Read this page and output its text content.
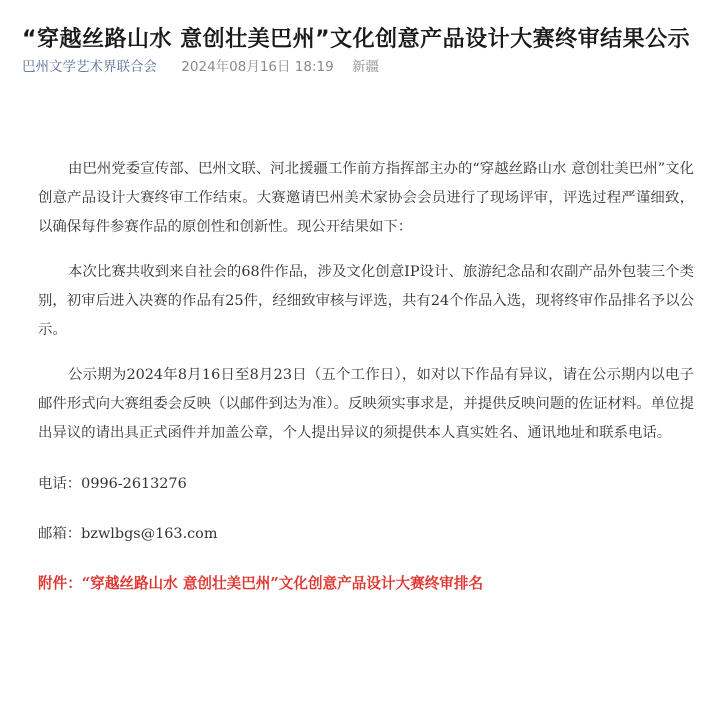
“穿越丝路山水 意创壮美巴州”文化创意产品设计大赛终审结果公示
巴州文学艺术界联合会 2024年08月16日 18:19 新疆

由巴州党委宣传部、巴州文联、河北援疆工作前方指挥部主办的“穿越丝路山水 意创壮美巴州”文化创意产品设计大赛终审工作结束。大赛邀请巴州美术家协会会员进行了现场评审，评选过程严谨细致，以确保每件参赛作品的原创性和创新性。现公开结果如下：

本次比赛共收到来自社会的68件作品，涉及文化创意IP设计、旅游纪念品和农副产品外包装三个类别，初审后进入决赛的作品有25件，经细致审核与评选，共有24个作品入选，现将终审作品排名予以公示。

公示期为2024年8月16日至8月23日（五个工作日），如对以下作品有异议，请在公示期内以电子邮件形式向大赛组委会反映（以邮件到达为准）。反映须实事求是，并提供反映问题的佐证材料。单位提出异议的请出具正式函件并加盖公章，个人提出异议的须提供本人真实姓名、通讯地址和联系电话。

电话：0996-2613276

邮箱：bzwlbgs@163.com

附件：“穿越丝路山水 意创壮美巴州”文化创意产品设计大赛终审排名
